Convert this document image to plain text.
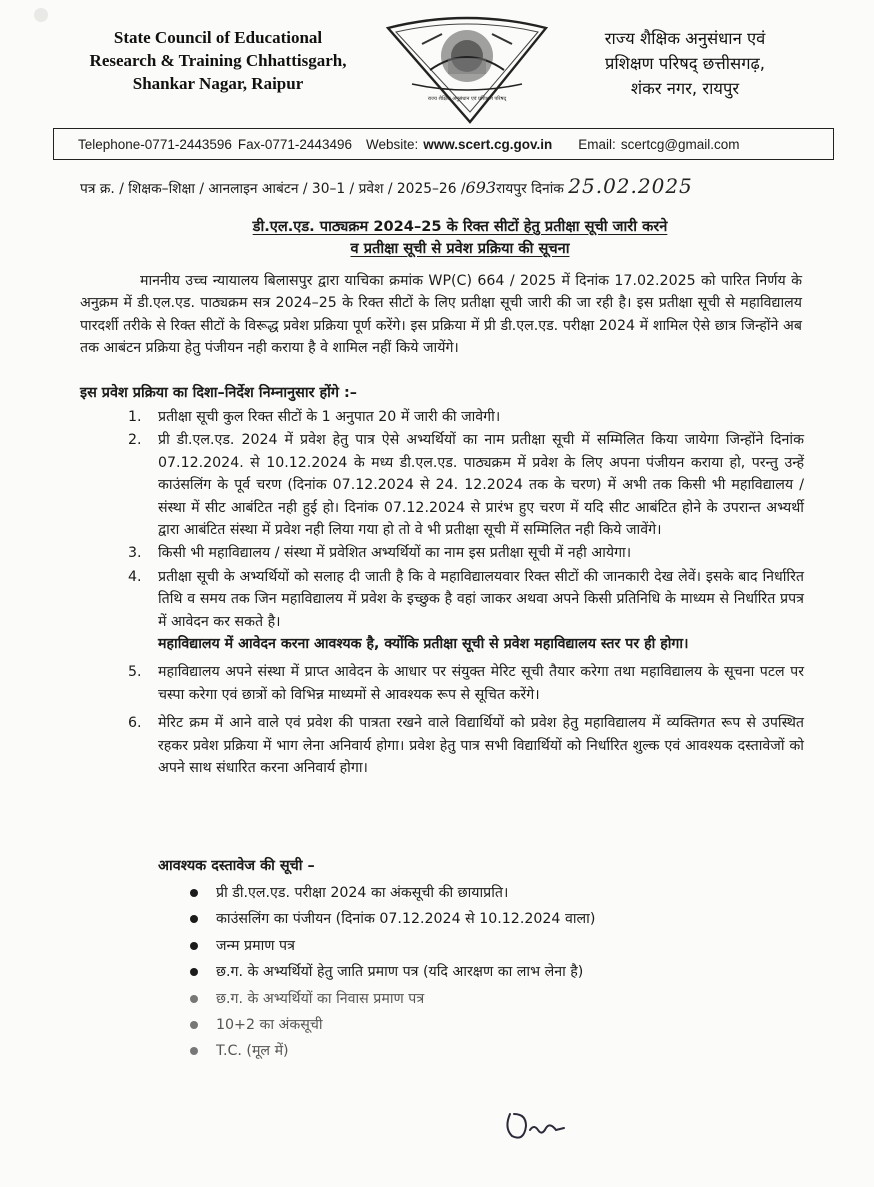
State Council of Educational
Research & Training Chhattisgarh,
Shankar Nagar, Raipur
राज्य शैक्षिक अनुसंधान एवं प्रशिक्षण परिषद्
राज्य शैक्षिक अनुसंधान एवं
प्रशिक्षण परिषद् छत्तीसगढ़,
शंकर नगर, रायपुर
Telephone-0771-2443596 Fax-0771-2443496 Website: www.scert.cg.gov.in Email: scertcg@gmail.com
पत्र क्र. / शिक्षक–शिक्षा / आनलाइन आबंटन / 30–1 / प्रवेश / 2025–26 /693रायपुर दिनांक 25.02.2025
डी.एल.एड. पाठ्यक्रम 2024–25 के रिक्त सीटों हेतु प्रतीक्षा सूची जारी करने
व प्रतीक्षा सूची से प्रवेश प्रक्रिया की सूचना
माननीय उच्च न्यायालय बिलासपुर द्वारा याचिका क्रमांक WP(C) 664 / 2025 में दिनांक 17.02.2025 को पारित निर्णय के अनुक्रम में डी.एल.एड. पाठ्यक्रम सत्र 2024–25 के रिक्त सीटों के लिए प्रतीक्षा सूची जारी की जा रही है। इस प्रतीक्षा सूची से महाविद्यालय पारदर्शी तरीके से रिक्त सीटों के विरूद्ध प्रवेश प्रक्रिया पूर्ण करेंगे। इस प्रक्रिया में प्री डी.एल.एड. परीक्षा 2024 में शामिल ऐसे छात्र जिन्होंने अब तक आबंटन प्रक्रिया हेतु पंजीयन नही कराया है वे शामिल नहीं किये जायेंगे।
इस प्रवेश प्रक्रिया का दिशा–निर्देश निम्नानुसार होंगे :–
1. प्रतीक्षा सूची कुल रिक्त सीटों के 1 अनुपात 20 में जारी की जावेगी।
2. प्री डी.एल.एड. 2024 में प्रवेश हेतु पात्र ऐसे अभ्यर्थियों का नाम प्रतीक्षा सूची में सम्मिलित किया जायेगा जिन्होंने दिनांक 07.12.2024. से 10.12.2024 के मध्य डी.एल.एड. पाठ्यक्रम में प्रवेश के लिए अपना पंजीयन कराया हो, परन्तु उन्हें काउंसलिंग के पूर्व चरण (दिनांक 07.12.2024 से 24. 12.2024 तक के चरण) में अभी तक किसी भी महाविद्यालय / संस्था में सीट आबंटित नही हुई हो। दिनांक 07.12.2024 से प्रारंभ हुए चरण में यदि सीट आबंटित होने के उपरान्त अभ्यर्थी द्वारा आबंटित संस्था में प्रवेश नही लिया गया हो तो वे भी प्रतीक्षा सूची में सम्मिलित नही किये जावेंगे।
3. किसी भी महाविद्यालय / संस्था में प्रवेशित अभ्यर्थियों का नाम इस प्रतीक्षा सूची में नही आयेगा।
4. प्रतीक्षा सूची के अभ्यर्थियों को सलाह दी जाती है कि वे महाविद्यालयवार रिक्त सीटों की जानकारी देख लेवें। इसके बाद निर्धारित तिथि व समय तक जिन महाविद्यालय में प्रवेश के इच्छुक है वहां जाकर अथवा अपने किसी प्रतिनिधि के माध्यम से निर्धारित प्रपत्र में आवेदन कर सकते है।
महाविद्यालय में आवेदन करना आवश्यक है, क्योंकि प्रतीक्षा सूची से प्रवेश महाविद्यालय स्तर पर ही होगा।
5. महाविद्यालय अपने संस्था में प्राप्त आवेदन के आधार पर संयुक्त मेरिट सूची तैयार करेगा तथा महाविद्यालय के सूचना पटल पर चस्पा करेगा एवं छात्रों को विभिन्न माध्यमों से आवश्यक रूप से सूचित करेंगे।
6. मेरिट क्रम में आने वाले एवं प्रवेश की पात्रता रखने वाले विद्यार्थियों को प्रवेश हेतु महाविद्यालय में व्यक्तिगत रूप से उपस्थित रहकर प्रवेश प्रक्रिया में भाग लेना अनिवार्य होगा। प्रवेश हेतु पात्र सभी विद्यार्थियों को निर्धारित शुल्क एवं आवश्यक दस्तावेजों को अपने साथ संधारित करना अनिवार्य होगा।
आवश्यक दस्तावेज की सूची –
प्री डी.एल.एड. परीक्षा 2024 का अंकसूची की छायाप्रति।
काउंसलिंग का पंजीयन (दिनांक 07.12.2024 से 10.12.2024 वाला)
जन्म प्रमाण पत्र
छ.ग. के अभ्यर्थियों हेतु जाति प्रमाण पत्र (यदि आरक्षण का लाभ लेना है)
छ.ग. के अभ्यर्थियों का निवास प्रमाण पत्र
10+2 का अंकसूची
T.C. (मूल में)
